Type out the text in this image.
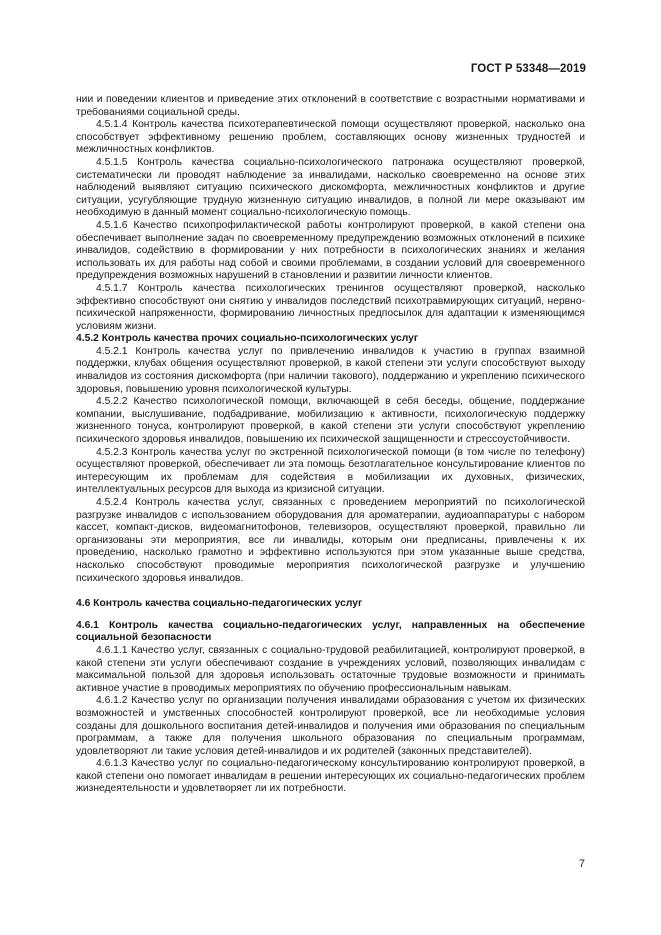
ГОСТ Р 53348—2019

нии и поведении клиентов и приведение этих отклонений в соответствие с возрастными нормативами и требованиями социальной среды.

4.5.1.4 Контроль качества психотерапевтической помощи осуществляют проверкой, насколько она способствует эффективному решению проблем, составляющих основу жизненных трудностей и межличностных конфликтов.

4.5.1.5 Контроль качества социально-психологического патронажа осуществляют проверкой, систематически ли проводят наблюдение за инвалидами, насколько своевременно на основе этих наблюдений выявляют ситуацию психического дискомфорта, межличностных конфликтов и другие ситуации, усугубляющие трудную жизненную ситуацию инвалидов, в полной ли мере оказывают им необходимую в данный момент социально-психологическую помощь.

4.5.1.6 Качество психопрофилактической работы контролируют проверкой, в какой степени она обеспечивает выполнение задач по своевременному предупреждению возможных отклонений в психике инвалидов, содействию в формировании у них потребности в психологических знаниях и желания использовать их для работы над собой и своими проблемами, в создании условий для своевременного предупреждения возможных нарушений в становлении и развитии личности клиентов.

4.5.1.7 Контроль качества психологических тренингов осуществляют проверкой, насколько эффективно способствуют они снятию у инвалидов последствий психотравмирующих ситуаций, нервно-психической напряженности, формированию личностных предпосылок для адаптации к изменяющимся условиям жизни.

4.5.2 Контроль качества прочих социально-психологических услуг

4.5.2.1 Контроль качества услуг по привлечению инвалидов к участию в группах взаимной поддержки, клубах общения осуществляют проверкой, в какой степени эти услуги способствуют выходу инвалидов из состояния дискомфорта (при наличии такового), поддержанию и укреплению психического здоровья, повышению уровня психологической культуры.

4.5.2.2 Качество психологической помощи, включающей в себя беседы, общение, поддержание компании, выслушивание, подбадривание, мобилизацию к активности, психологическую поддержку жизненного тонуса, контролируют проверкой, в какой степени эти услуги способствуют укреплению психического здоровья инвалидов, повышению их психической защищенности и стрессоустойчивости.

4.5.2.3 Контроль качества услуг по экстренной психологической помощи (в том числе по телефону) осуществляют проверкой, обеспечивает ли эта помощь безотлагательное консультирование клиентов по интересующим их проблемам для содействия в мобилизации их духовных, физических, интеллектуальных ресурсов для выхода из кризисной ситуации.

4.5.2.4 Контроль качества услуг, связанных с проведением мероприятий по психологической разгрузке инвалидов с использованием оборудования для ароматерапии, аудиоаппаратуры с набором кассет, компакт-дисков, видеомагнитофонов, телевизоров, осуществляют проверкой, правильно ли организованы эти мероприятия, все ли инвалиды, которым они предписаны, привлечены к их проведению, насколько грамотно и эффективно используются при этом указанные выше средства, насколько способствуют проводимые мероприятия психологической разгрузке и улучшению психического здоровья инвалидов.

4.6 Контроль качества социально-педагогических услуг

4.6.1 Контроль качества социально-педагогических услуг, направленных на обеспечение социальной безопасности

4.6.1.1 Качество услуг, связанных с социально-трудовой реабилитацией, контролируют проверкой, в какой степени эти услуги обеспечивают создание в учреждениях условий, позволяющих инвалидам с максимальной пользой для здоровья использовать остаточные трудовые возможности и принимать активное участие в проводимых мероприятиях по обучению профессиональным навыкам.

4.6.1.2 Качество услуг по организации получения инвалидами образования с учетом их физических возможностей и умственных способностей контролируют проверкой, все ли необходимые условия созданы для дошкольного воспитания детей-инвалидов и получения ими образования по специальным программам, а также для получения школьного образования по специальным программам, удовлетворяют ли такие условия детей-инвалидов и их родителей (законных представителей).

4.6.1.3 Качество услуг по социально-педагогическому консультированию контролируют проверкой, в какой степени оно помогает инвалидам в решении интересующих их социально-педагогических проблем жизнедеятельности и удовлетворяет ли их потребности.

7
